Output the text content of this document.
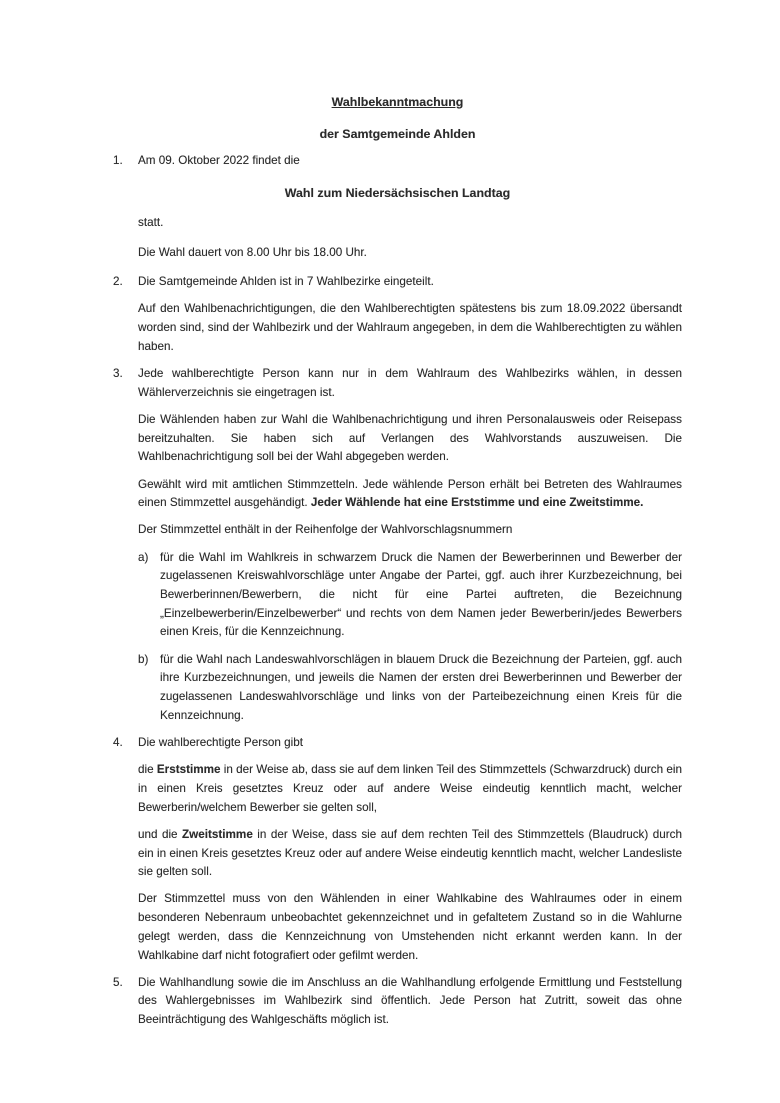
Wahlbekanntmachung
der Samtgemeinde Ahlden
1.	Am 09. Oktober 2022 findet die

Wahl zum Niedersächsischen Landtag

statt.

Die Wahl dauert von 8.00 Uhr bis 18.00 Uhr.

2.	Die Samtgemeinde Ahlden ist in 7 Wahlbezirke eingeteilt.

Auf den Wahlbenachrichtigungen, die den Wahlberechtigten spätestens bis zum 18.09.2022 übersandt worden sind, sind der Wahlbezirk und der Wahlraum angegeben, in dem die Wahlberechtigten zu wählen haben.

3.	Jede wahlberechtigte Person kann nur in dem Wahlraum des Wahlbezirks wählen, in dessen Wählerverzeichnis sie eingetragen ist.

Die Wählenden haben zur Wahl die Wahlbenachrichtigung und ihren Personalausweis oder Reisepass bereitzuhalten. Sie haben sich auf Verlangen des Wahlvorstands auszuweisen. Die Wahlbenachrichtigung soll bei der Wahl abgegeben werden.

Gewählt wird mit amtlichen Stimmzetteln. Jede wählende Person erhält bei Betreten des Wahlraumes einen Stimmzettel ausgehändigt. Jeder Wählende hat eine Erststimme und eine Zweitstimme.

Der Stimmzettel enthält in der Reihenfolge der Wahlvorschlagsnummern

a) für die Wahl im Wahlkreis in schwarzem Druck die Namen der Bewerberinnen und Bewerber der zugelassenen Kreiswahlvorschläge unter Angabe der Partei, ggf. auch ihrer Kurzbezeichnung, bei Bewerberinnen/Bewerbern, die nicht für eine Partei auftreten, die Bezeichnung „Einzelbewerberin/Einzelbewerber“ und rechts von dem Namen jeder Bewerberin/jedes Bewerbers einen Kreis, für die Kennzeichnung.
b) für die Wahl nach Landeswahlvorschlägen in blauem Druck die Bezeichnung der Parteien, ggf. auch ihre Kurzbezeichnungen, und jeweils die Namen der ersten drei Bewerberinnen und Bewerber der zugelassenen Landeswahlvorschläge und links von der Parteibezeichnung einen Kreis für die Kennzeichnung.
4.	Die wahlberechtigte Person gibt

die Erststimme in der Weise ab, dass sie auf dem linken Teil des Stimmzettels (Schwarzdruck) durch ein in einen Kreis gesetztes Kreuz oder auf andere Weise eindeutig kenntlich macht, welcher Bewerberin/welchem Bewerber sie gelten soll,

und die Zweitstimme in der Weise, dass sie auf dem rechten Teil des Stimmzettels (Blaudruck) durch ein in einen Kreis gesetztes Kreuz oder auf andere Weise eindeutig kenntlich macht, welcher Landesliste sie gelten soll.

Der Stimmzettel muss von den Wählenden in einer Wahlkabine des Wahlraumes oder in einem besonderen Nebenraum unbeobachtet gekennzeichnet und in gefaltetem Zustand so in die Wahlurne gelegt werden, dass die Kennzeichnung von Umstehenden nicht erkannt werden kann. In der Wahlkabine darf nicht fotografiert oder gefilmt werden.

5.	Die Wahlhandlung sowie die im Anschluss an die Wahlhandlung erfolgende Ermittlung und Feststellung des Wahlergebnisses im Wahlbezirk sind öffentlich. Jede Person hat Zutritt, soweit das ohne Beeinträchtigung des Wahlgeschäfts möglich ist.
